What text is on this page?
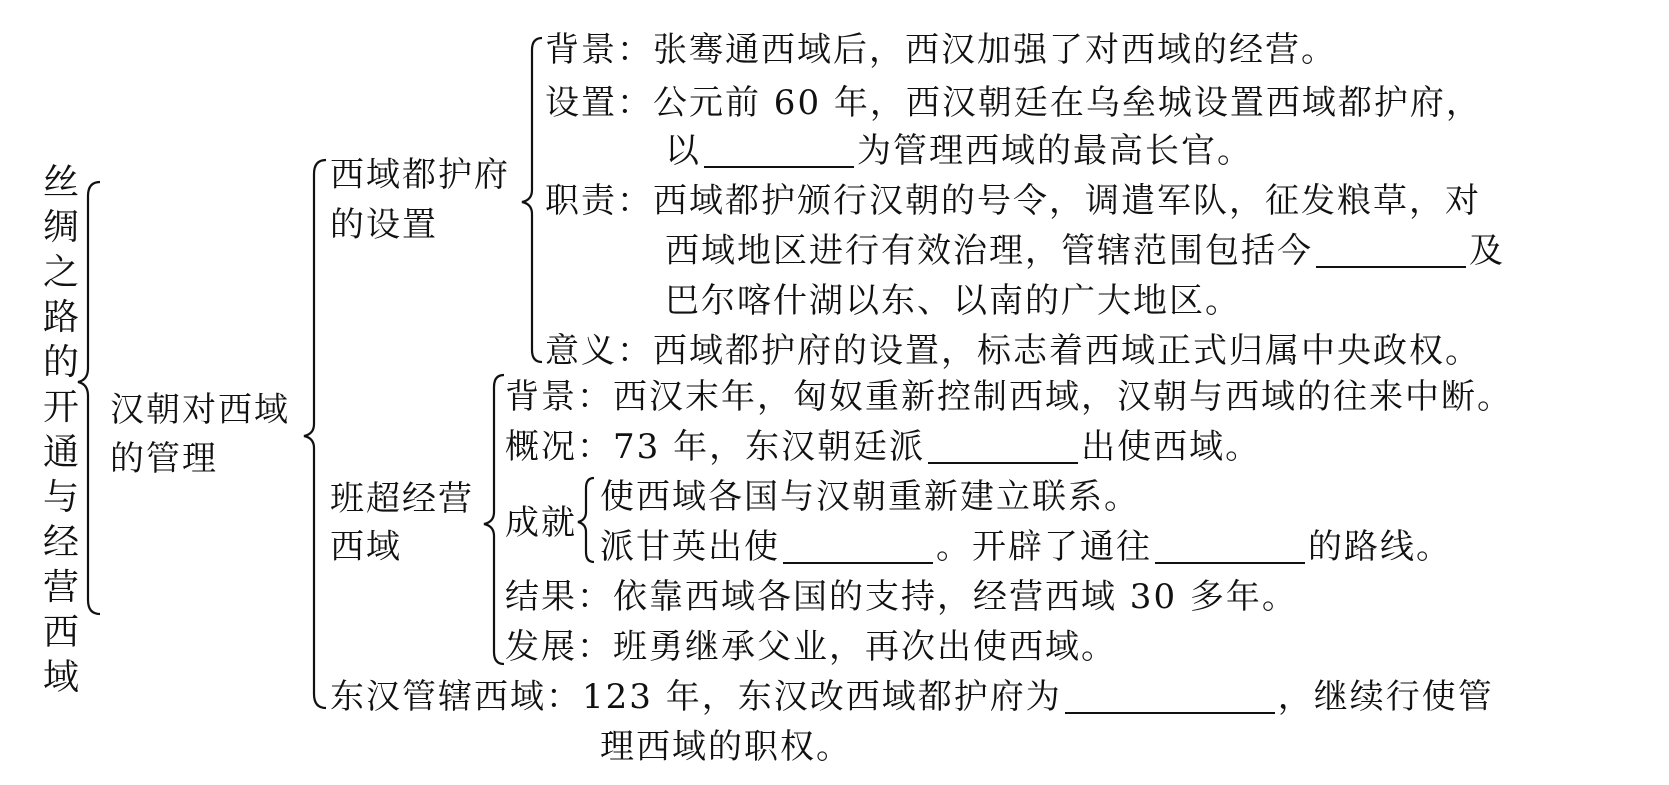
丝
绸
之
路
的
开
通
与
经
营
西
域
汉朝对西域
的管理
西域都护府
的设置
背景：张骞通西域后，西汉加强了对西域的经营。
设置：公元前 60 年，西汉朝廷在乌垒城设置西域都护府，
以	为管理西域的最高长官。
职责：西域都护颁行汉朝的号令，调遣军队，征发粮草，对
西域地区进行有效治理，管辖范围包括今	及
巴尔喀什湖以东、以南的广大地区。
意义：西域都护府的设置，标志着西域正式归属中央政权。
班超经营
西域
背景：西汉末年，匈奴重新控制西域，汉朝与西域的往来中断。
概况：73 年，东汉朝廷派	出使西域。
成就
使西域各国与汉朝重新建立联系。
派甘英出使	。开辟了通往	的路线。
结果：依靠西域各国的支持，经营西域 30 多年。
发展：班勇继承父业，再次出使西域。
东汉管辖西域：123 年，东汉改西域都护府为	，继续行使管
理西域的职权。
